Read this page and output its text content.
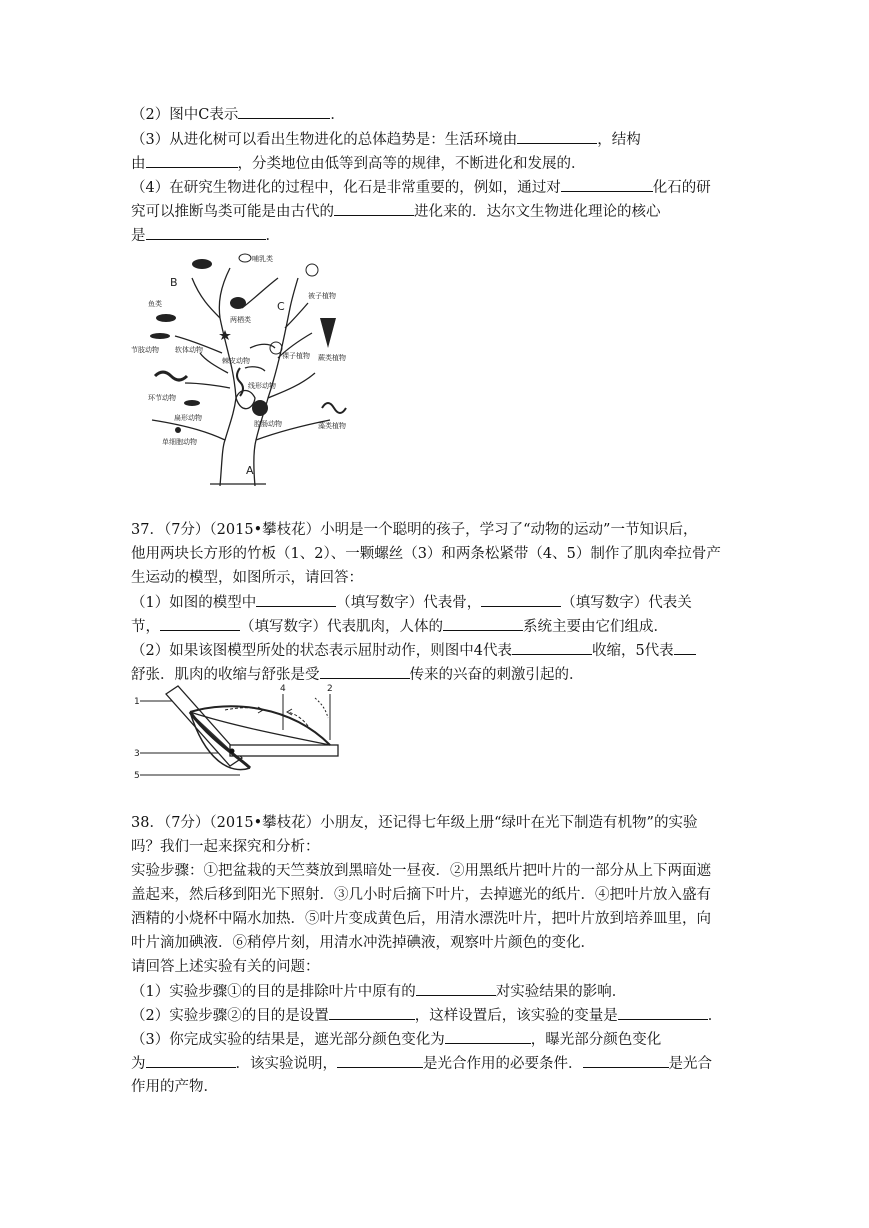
（2）图中C表示	．
（3）从进化树可以看出生物进化的总体趋势是：生活环境由	，结构
由	，分类地位由低等到高等的规律，不断进化和发展的．
（4）在研究生物进化的过程中，化石是非常重要的，例如，通过对	化石的研
究可以推断鸟类可能是由古代的	进化来的．达尔文生物进化理论的核心
是	．
哺乳类
B
C
鱼类
两栖类
节肢动物 软体动物
棘皮动物
环节动物
线形动物
扁形动物
腔肠动物
单细胞动物
被子植物
裸子植物 蕨类植物
藻类植物
A
37．（7分）（2015•攀枝花）小明是一个聪明的孩子，学习了“动物的运动”一节知识后，
他用两块长方形的竹板（1、2）、一颗螺丝（3）和两条松紧带（4、5）制作了肌肉牵拉骨产
生运动的模型，如图所示，请回答：
（1）如图的模型中	（填写数字）代表骨，	（填写数字）代表关
节，	（填写数字）代表肌肉，人体的	系统主要由它们组成．
（2）如果该图模型所处的状态表示屈肘动作，则图中4代表	收缩，5代表
舒张．肌肉的收缩与舒张是受	传来的兴奋的刺激引起的．
1
3
5
4	2
38．（7分）（2015•攀枝花）小朋友，还记得七年级上册“绿叶在光下制造有机物”的实验
吗？我们一起来探究和分析：
实验步骤：①把盆栽的天竺葵放到黑暗处一昼夜．②用黑纸片把叶片的一部分从上下两面遮
盖起来，然后移到阳光下照射．③几小时后摘下叶片，去掉遮光的纸片．④把叶片放入盛有
酒精的小烧杯中隔水加热．⑤叶片变成黄色后，用清水漂洗叶片，把叶片放到培养皿里，向
叶片滴加碘液．⑥稍停片刻，用清水冲洗掉碘液，观察叶片颜色的变化．
请回答上述实验有关的问题：
（1）实验步骤①的目的是排除叶片中原有的	对实验结果的影响．
（2）实验步骤②的目的是设置	，这样设置后，该实验的变量是	．
（3）你完成实验的结果是，遮光部分颜色变化为	，曝光部分颜色变化
为	．该实验说明，	是光合作用的必要条件．	是光合
作用的产物．
